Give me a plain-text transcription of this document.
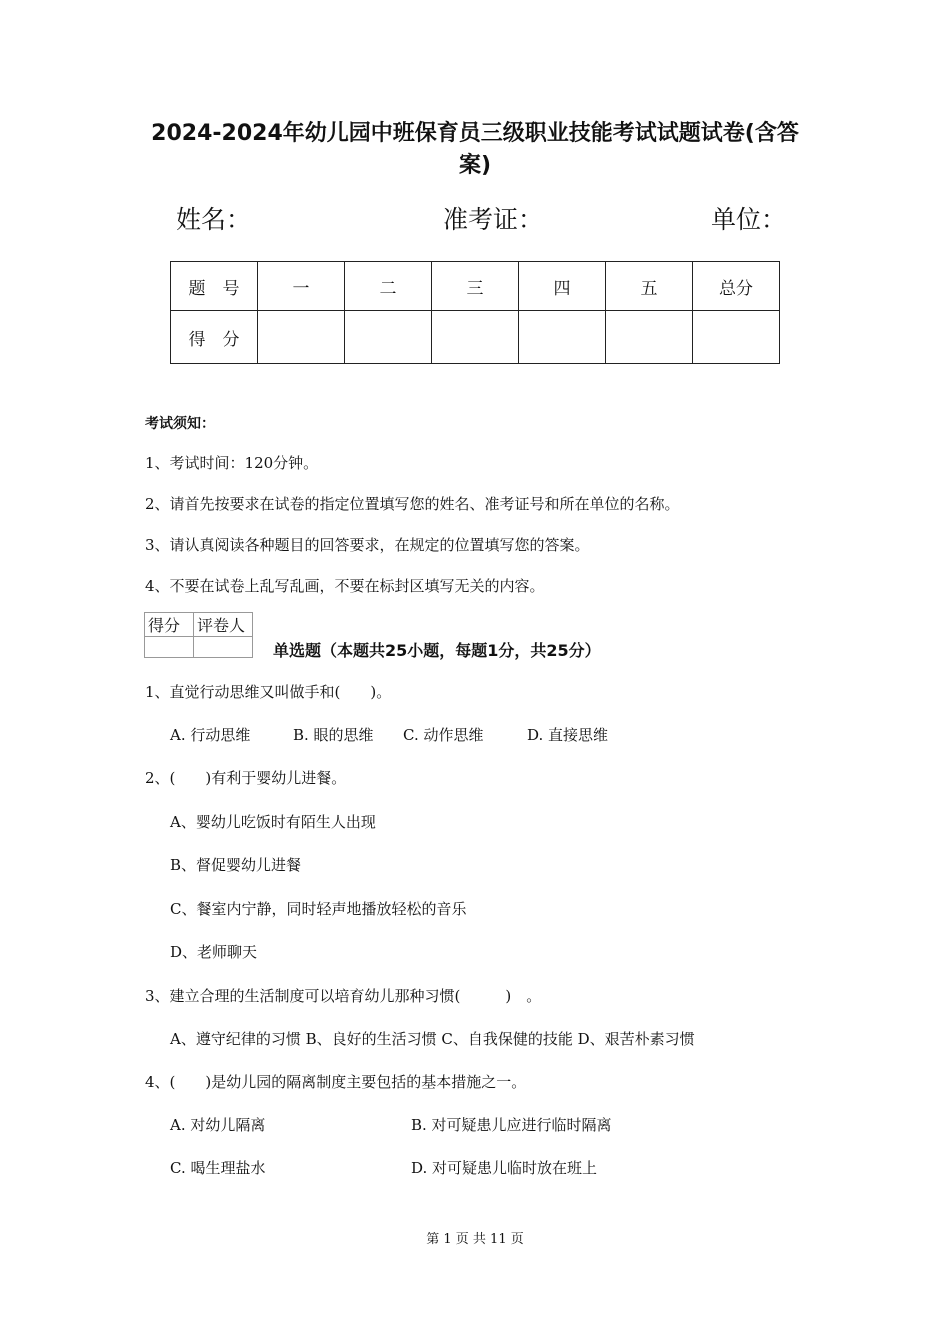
2024-2024年幼儿园中班保育员三级职业技能考试试题试卷(含答案)
姓名：	准考证：	单位：
题　号	一	二	三	四	五	总分
得　分						
考试须知：
1、考试时间：120分钟。
2、请首先按要求在试卷的指定位置填写您的姓名、准考证号和所在单位的名称。
3、请认真阅读各种题目的回答要求，在规定的位置填写您的答案。
4、不要在试卷上乱写乱画，不要在标封区填写无关的内容。
得分	评卷人

单选题（本题共25小题，每题1分，共25分）
1、直觉行动思维又叫做手和(　　)。
A. 行动思维	B. 眼的思维 C. 动作思维	D. 直接思维
2、(　　)有利于婴幼儿进餐。
A、婴幼儿吃饭时有陌生人出现
B、督促婴幼儿进餐
C、餐室内宁静，同时轻声地播放轻松的音乐
D、老师聊天
3、建立合理的生活制度可以培育幼儿那种习惯(　　　)　。
A、遵守纪律的习惯 B、良好的生活习惯 C、自我保健的技能 D、艰苦朴素习惯
4、(　　)是幼儿园的隔离制度主要包括的基本措施之一。
A. 对幼儿隔离	B. 对可疑患儿应进行临时隔离
C. 喝生理盐水	D. 对可疑患儿临时放在班上
第 1 页 共 11 页
